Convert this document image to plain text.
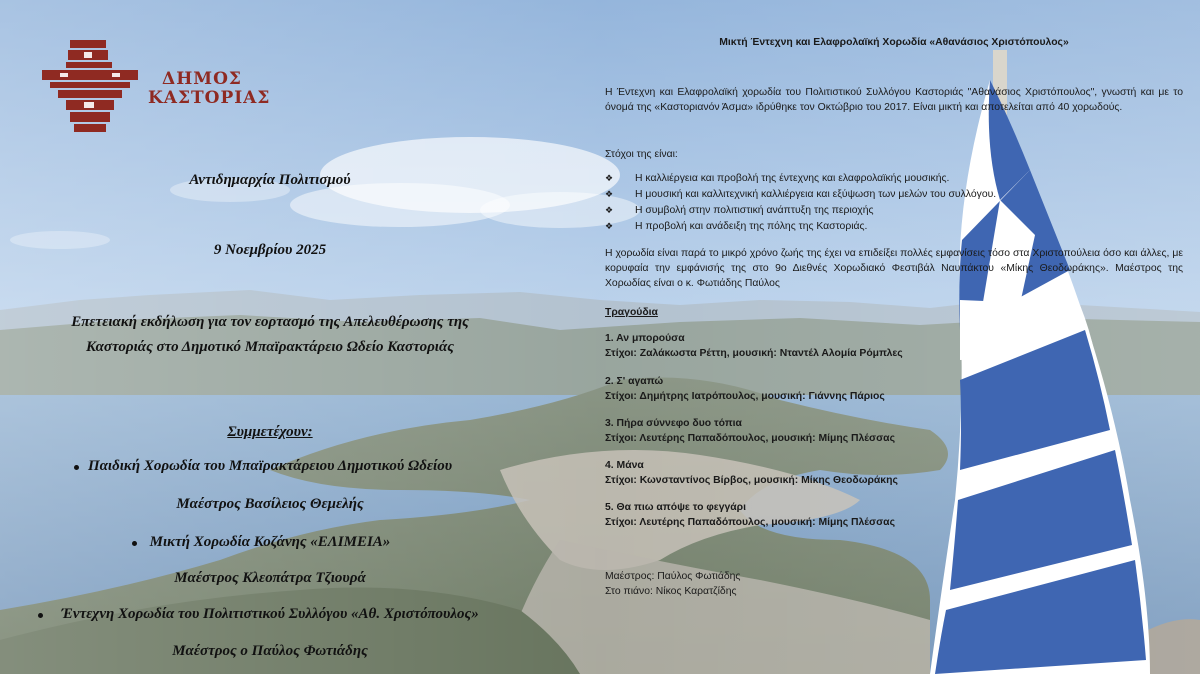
ΔΗΜΟΣ
ΚΑΣΤΟΡΙΑΣ
Αντιδημαρχία Πολιτισμού
9 Νοεμβρίου 2025
Επετειακή εκδήλωση για τον εορτασμό της Απελευθέρωσης της
Καστοριάς στο Δημοτικό Μπαϊρακτάρειο Ωδείο Καστοριάς
Συμμετέχουν:
Παιδική Χορωδία του Μπαϊρακτάρειου Δημοτικού Ωδείου
Μαέστρος Βασίλειος Θεμελής
Μικτή Χορωδία Κοζάνης «ΕΛΙΜΕΙΑ»
Μαέστρος Κλεοπάτρα Τζιουρά
Έντεχνη Χορωδία του Πολιτιστικού Συλλόγου «Αθ. Χριστόπουλος»
Μαέστρος ο Παύλος Φωτιάδης
Μικτή Έντεχνη και Ελαφρολαϊκή Χορωδία «Αθανάσιος Χριστόπουλος»
Η Έντεχνη και Ελαφρολαϊκή χορωδία του Πολιτιστικού Συλλόγου Καστοριάς "Αθανάσιος Χριστόπουλος", γνωστή και με το όνομά της «Καστοριανόν Άσμα» ιδρύθηκε τον Οκτώβριο του 2017. Είναι μικτή και αποτελείται από 40 χορωδούς.
Στόχοι της είναι:
❖ Η καλλιέργεια και προβολή της έντεχνης και ελαφρολαϊκής μουσικής.
❖ Η μουσική και καλλιτεχνική καλλιέργεια και εξύψωση των μελών του συλλόγου.
❖ Η συμβολή στην πολιτιστική ανάπτυξη της περιοχής
❖ Η προβολή και ανάδειξη της πόλης της Καστοριάς.
Η χορωδία είναι παρά το μικρό χρόνο ζωής της έχει να επιδείξει πολλές εμφανίσεις τόσο στα Χριστοπούλεια όσο και άλλες, με κορυφαία την εμφάνισής της στο 9ο Διεθνές Χορωδιακό Φεστιβάλ Ναυπάκτου «Μίκης Θεοδωράκης». Μαέστρος της Χορωδίας είναι ο κ. Φωτιάδης Παύλος
Τραγούδια
1. Αν μπορούσα
Στίχοι: Ζαλάκωστα Ρέττη, μουσική: Νταντέλ Αλομία Ρόμπλες
2. Σ' αγαπώ
Στίχοι: Δημήτρης Ιατρόπουλος, μουσική: Γιάννης Πάριος
3. Πήρα σύννεφο δυο τόπια
Στίχοι: Λευτέρης Παπαδόπουλος, μουσική: Μίμης Πλέσσας
4. Μάνα
Στίχοι: Κωνσταντίνος Βίρβος, μουσική: Μίκης Θεοδωράκης
5. Θα πιω απόψε το φεγγάρι
Στίχοι: Λευτέρης Παπαδόπουλος, μουσική: Μίμης Πλέσσας
Μαέστρος: Παύλος Φωτιάδης
Στο πιάνο: Νίκος Καρατζίδης
